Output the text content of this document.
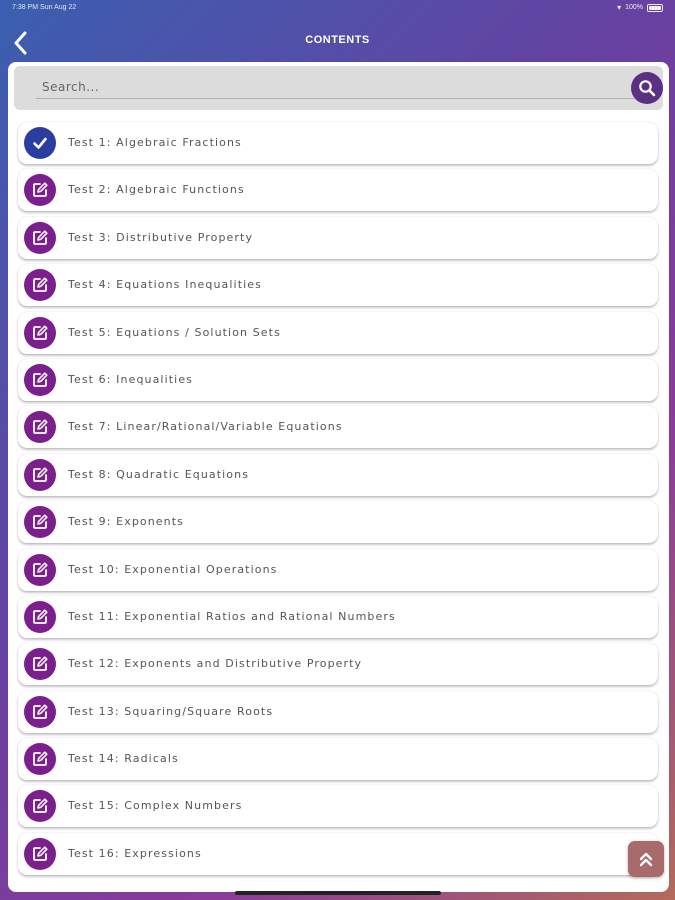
7:38 PM Sun Aug 22	▾ 100%
CONTENTS
Search...
Test 1: Algebraic Fractions
Test 2: Algebraic Functions
Test 3: Distributive Property
Test 4: Equations Inequalities
Test 5: Equations / Solution Sets
Test 6: Inequalities
Test 7: Linear/Rational/Variable Equations
Test 8: Quadratic Equations
Test 9: Exponents
Test 10: Exponential Operations
Test 11: Exponential Ratios and Rational Numbers
Test 12: Exponents and Distributive Property
Test 13: Squaring/Square Roots
Test 14: Radicals
Test 15: Complex Numbers
Test 16: Expressions
